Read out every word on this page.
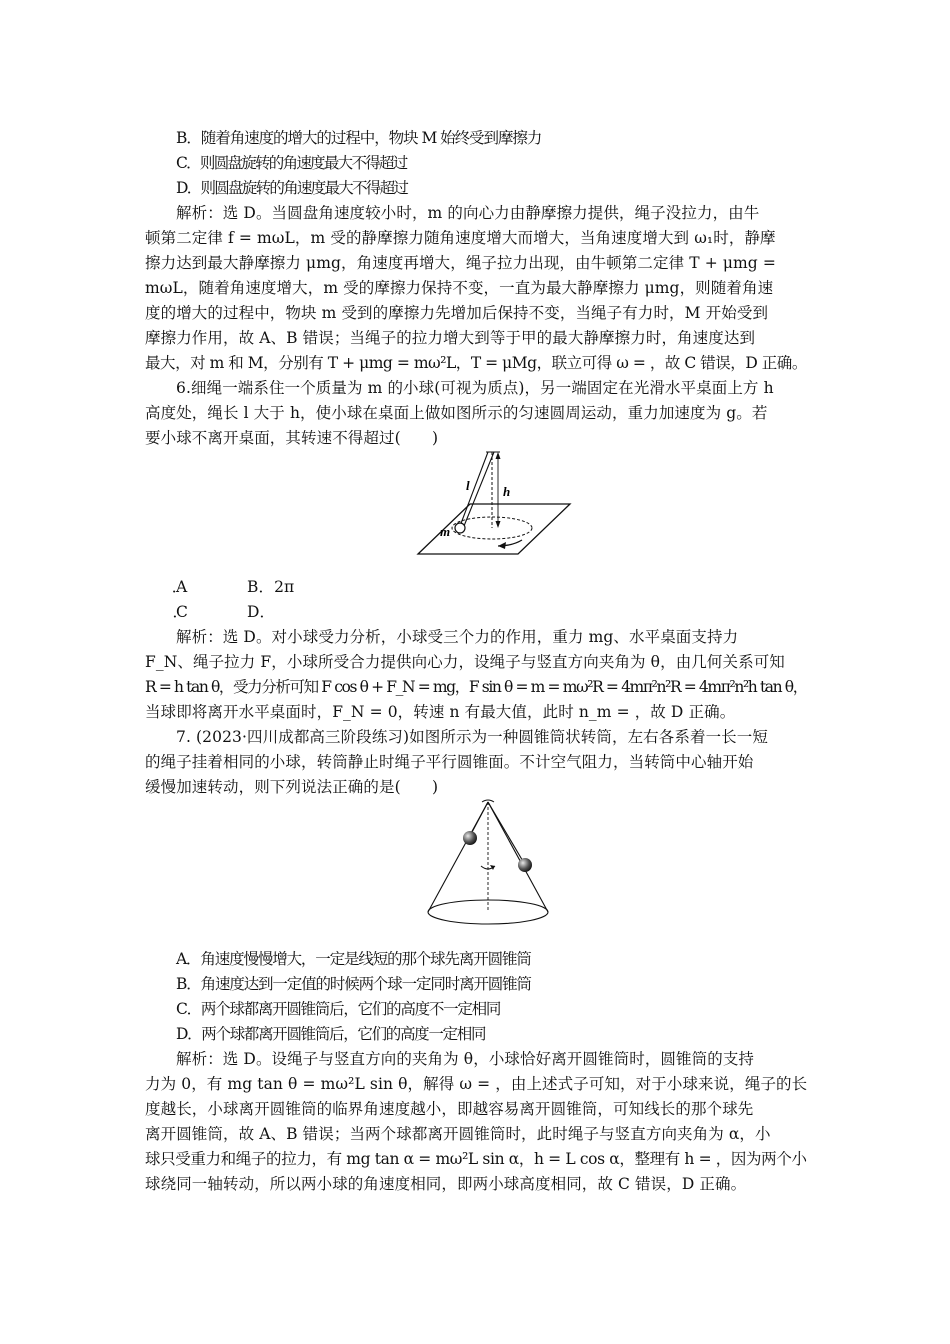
B．随着角速度的增大的过程中，物块 M 始终受到摩擦力
C．则圆盘旋转的角速度最大不得超过
D．则圆盘旋转的角速度最大不得超过
解析：选 D。当圆盘角速度较小时，m 的向心力由静摩擦力提供，绳子没拉力，由牛
顿第二定律 f = mωL，m 受的静摩擦力随角速度增大而增大，当角速度增大到 ω₁时，静摩
擦力达到最大静摩擦力 μmg，角速度再增大，绳子拉力出现，由牛顿第二定律 T + μmg =
mωL，随着角速度增大，m 受的摩擦力保持不变，一直为最大静摩擦力 μmg，则随着角速
度的增大的过程中，物块 m 受到的摩擦力先增加后保持不变，当绳子有力时，M 开始受到
摩擦力作用，故 A、B 错误；当绳子的拉力增大到等于甲的最大静摩擦力时，角速度达到
最大，对 m 和 M，分别有 T + μmg = mω²L，T = μMg，联立可得 ω = ，故 C 错误，D 正确。
6.细绳一端系住一个质量为 m 的小球(可视为质点)，另一端固定在光滑水平桌面上方 h
高度处，绳长 l 大于 h，使小球在桌面上做如图所示的匀速圆周运动，重力加速度为 g。若
要小球不离开桌面，其转速不得超过(　　)
l	h
m
B．2π
D．
解析：选 D。对小球受力分析，小球受三个力的作用，重力 mg、水平桌面支持力
F_N、绳子拉力 F，小球所受合力提供向心力，设绳子与竖直方向夹角为 θ，由几何关系可知
R = h tan θ，受力分析可知 F cos θ + F_N = mg，F sin θ = m = mω²R = 4mπ²n²R = 4mπ²n²h tan θ，
当球即将离开水平桌面时，F_N = 0，转速 n 有最大值，此时 n_m = ，故 D 正确。
7. (2023·四川成都高三阶段练习)如图所示为一种圆锥筒状转筒，左右各系着一长一短
的绳子挂着相同的小球，转筒静止时绳子平行圆锥面。不计空气阻力，当转筒中心轴开始
缓慢加速转动，则下列说法正确的是(　　)
A．角速度慢慢增大，一定是线短的那个球先离开圆锥筒
B．角速度达到一定值的时候两个球一定同时离开圆锥筒
C．两个球都离开圆锥筒后，它们的高度不一定相同
D．两个球都离开圆锥筒后，它们的高度一定相同
解析：选 D。设绳子与竖直方向的夹角为 θ，小球恰好离开圆锥筒时，圆锥筒的支持
力为 0，有 mg tan θ = mω²L sin θ，解得 ω = ，由上述式子可知，对于小球来说，绳子的长
度越长，小球离开圆锥筒的临界角速度越小，即越容易离开圆锥筒，可知线长的那个球先
离开圆锥筒，故 A、B 错误；当两个球都离开圆锥筒时，此时绳子与竖直方向夹角为 α，小
球只受重力和绳子的拉力，有 mg tan α = mω²L sin α，h = L cos α，整理有 h = ，因为两个小
球绕同一轴转动，所以两小球的角速度相同，即两小球高度相同，故 C 错误，D 正确。
